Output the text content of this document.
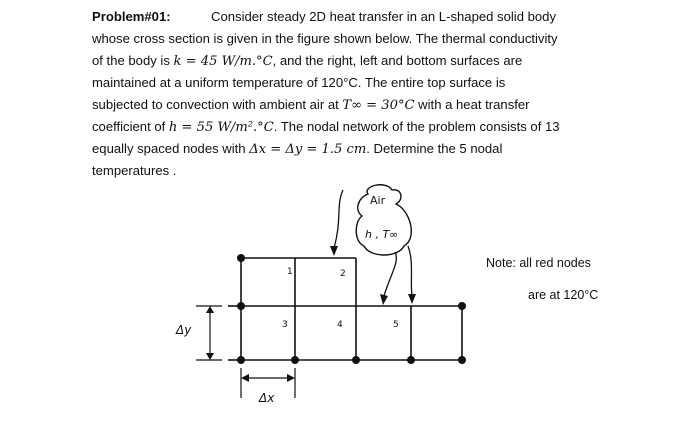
Problem#01:	Consider steady 2D heat transfer in an L-shaped solid body
whose cross section is given in the figure shown below. The thermal conductivity
of the body is k = 45 W/m.°C, and the right, left and bottom surfaces are
maintained at a uniform temperature of 120°C. The entire top surface is
subjected to convection with ambient air at T∞ = 30°C with a heat transfer
coefficient of h = 55 W/m².°C. The nodal network of the problem consists of 13
equally spaced nodes with Δx = Δy = 1.5 cm. Determine the 5 nodal
temperatures .
1	2
3	4	5
Air
h , T∞
Δy
Δx
Note: all red nodes
are at 120°C
